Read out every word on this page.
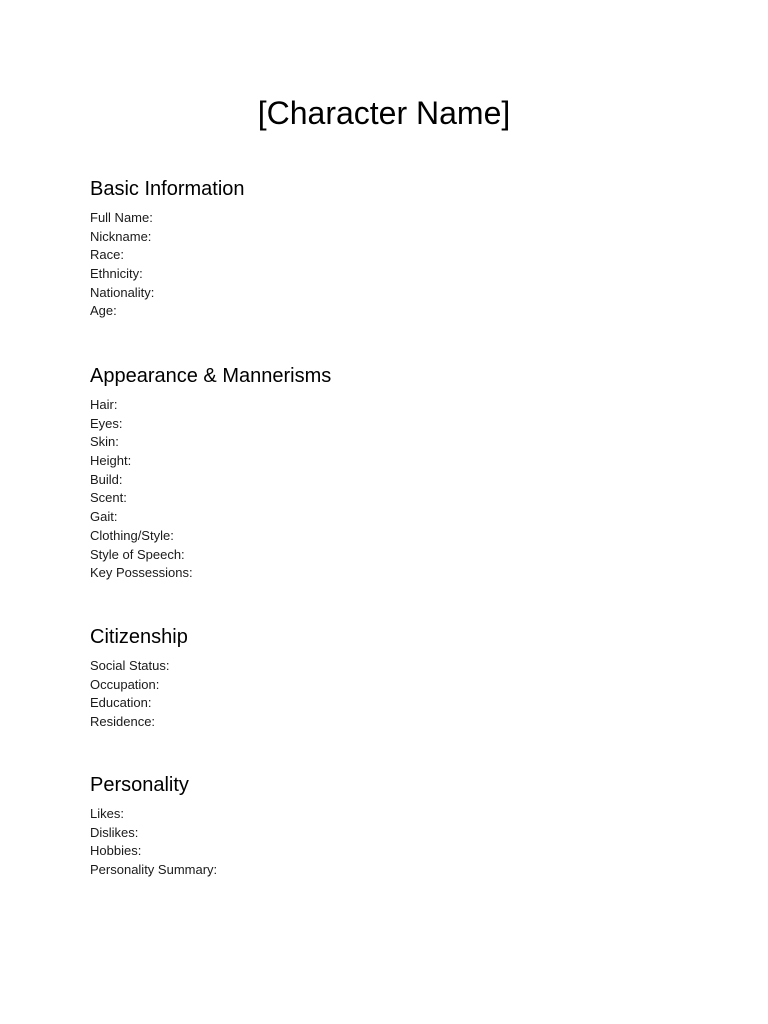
[Character Name]
Basic Information
Full Name:
Nickname:
Race:
Ethnicity:
Nationality:
Age:
Appearance & Mannerisms
Hair:
Eyes:
Skin:
Height:
Build:
Scent:
Gait:
Clothing/Style:
Style of Speech:
Key Possessions:
Citizenship
Social Status:
Occupation:
Education:
Residence:
Personality
Likes:
Dislikes:
Hobbies:
Personality Summary:
